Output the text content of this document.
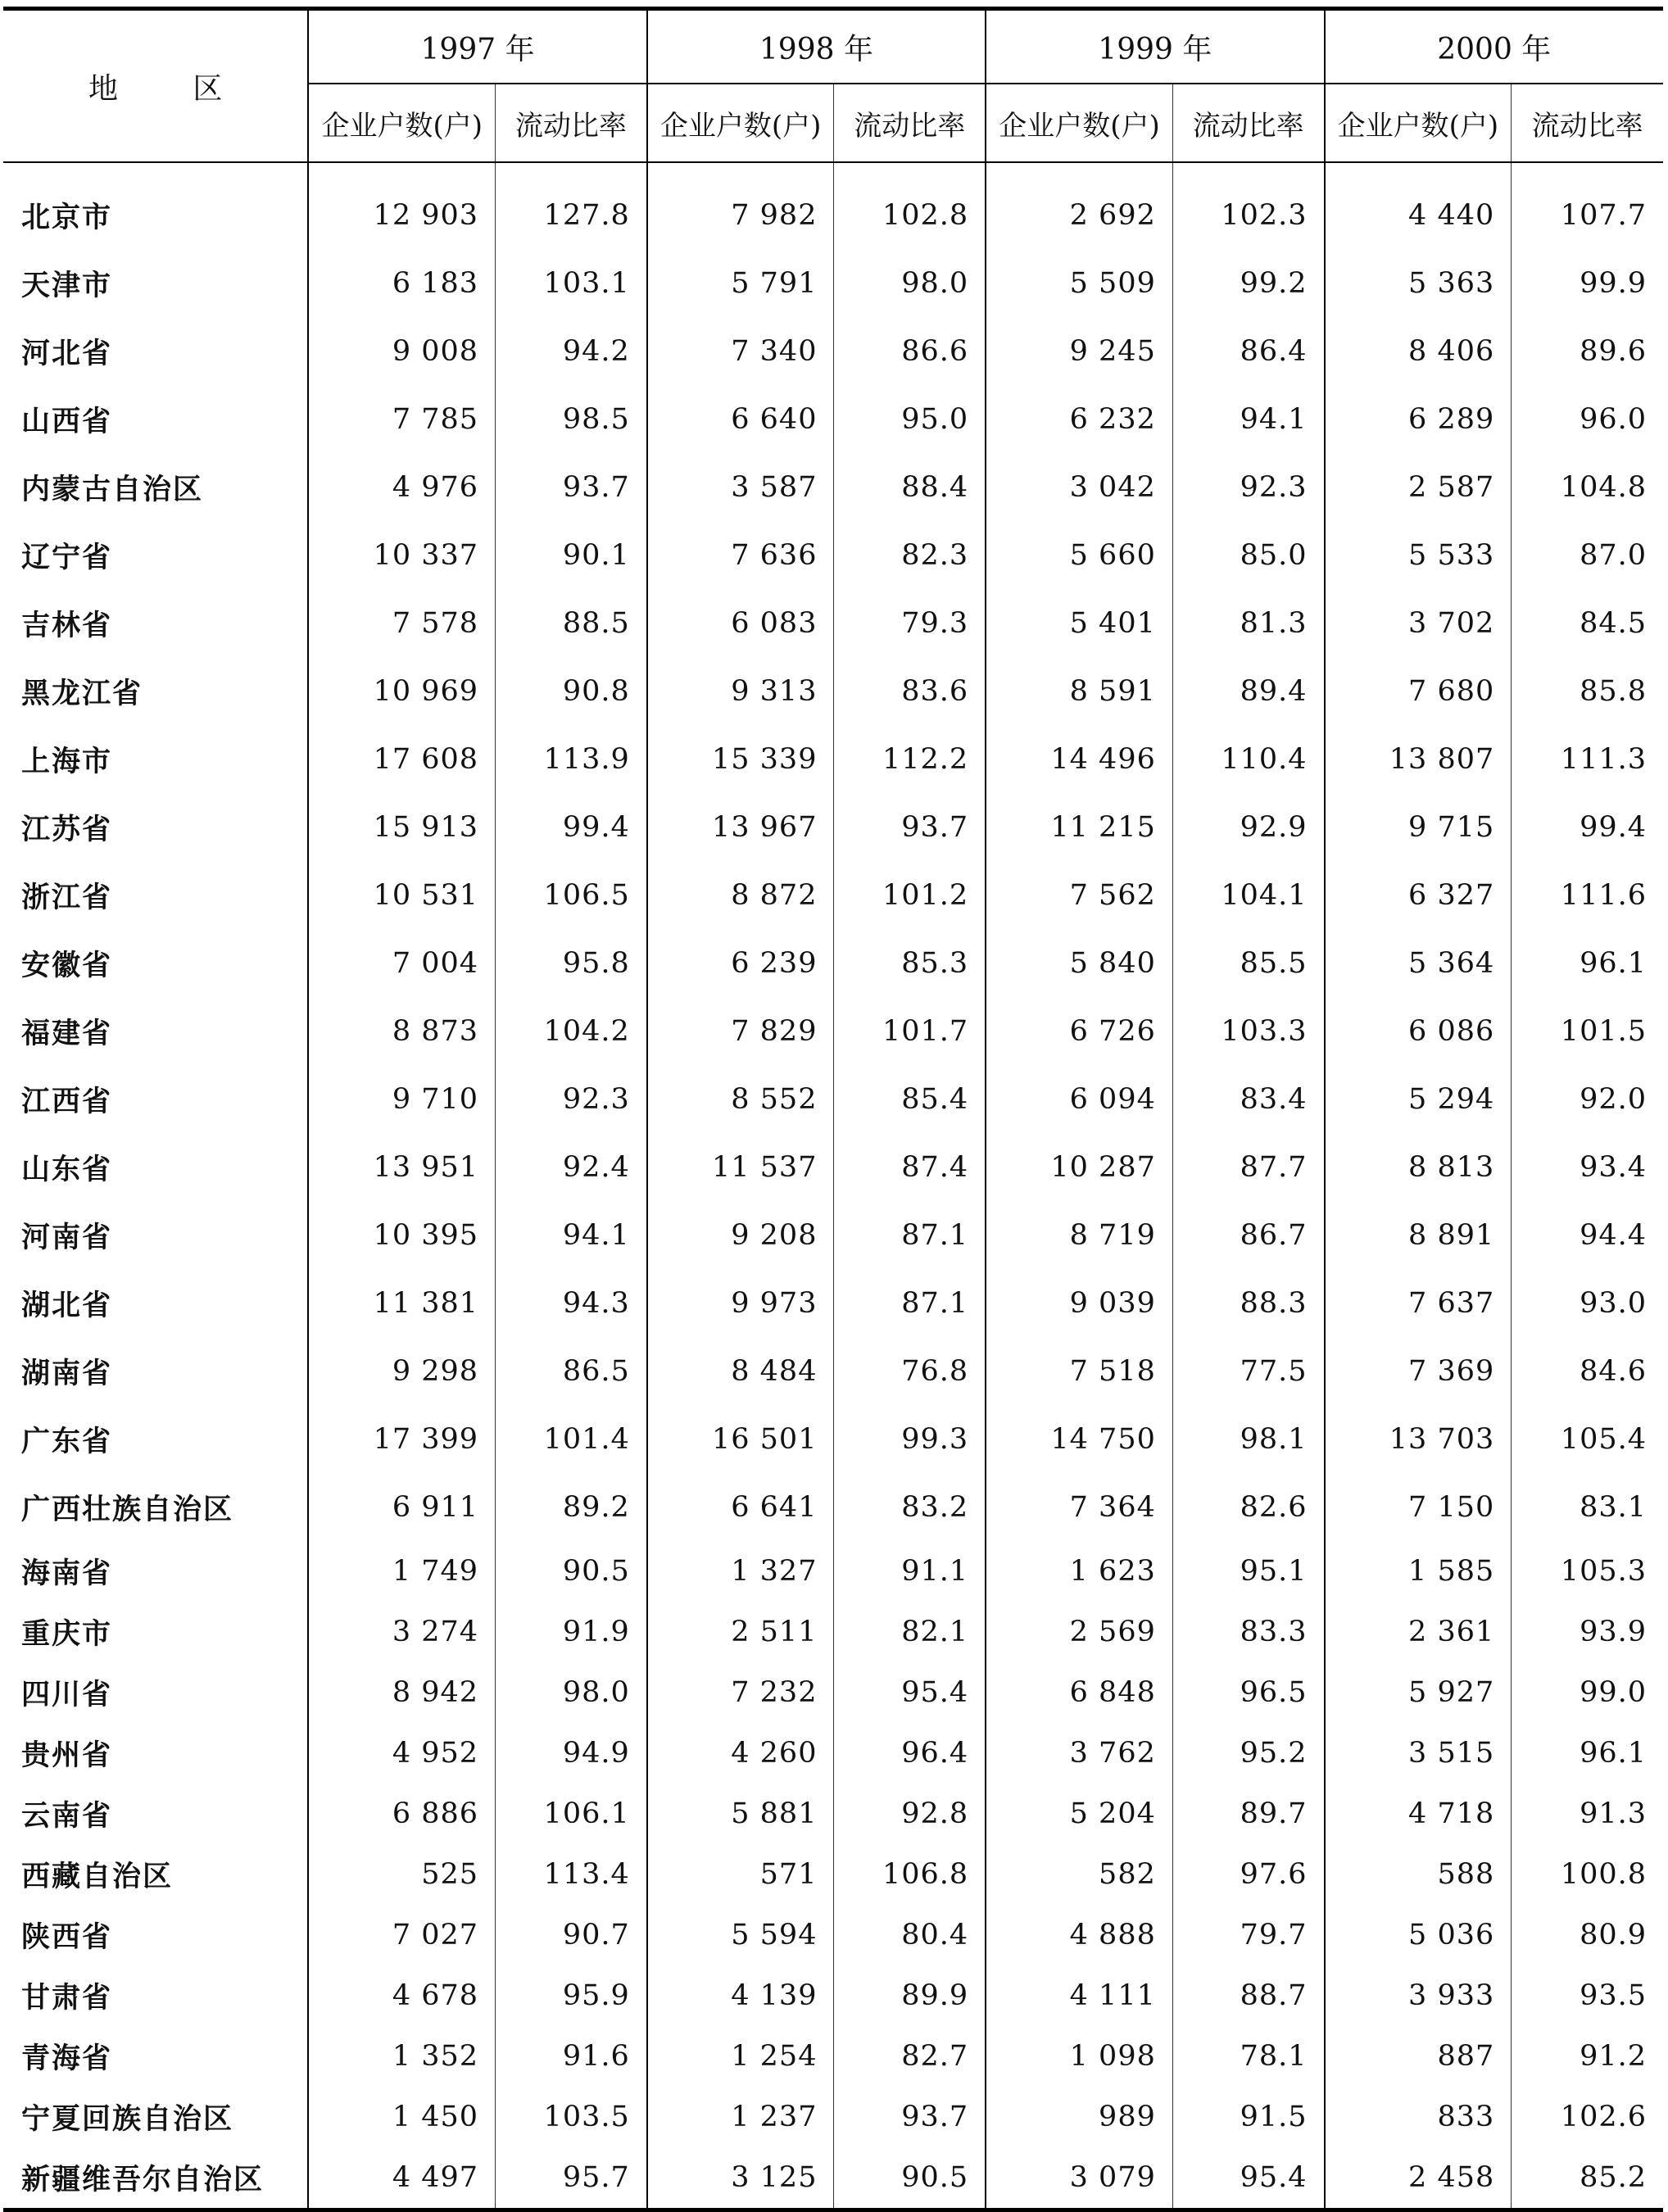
地 区	1997 年		1998 年		1999 年		2000 年	
	企业户数(户)	流动比率	企业户数(户)	流动比率	企业户数(户)	流动比率	企业户数(户)	流动比率
北京市	12 903	127.8	7 982	102.8	2 692	102.3	4 440	107.7
天津市	6 183	103.1	5 791	98.0	5 509	99.2	5 363	99.9
河北省	9 008	94.2	7 340	86.6	9 245	86.4	8 406	89.6
山西省	7 785	98.5	6 640	95.0	6 232	94.1	6 289	96.0
内蒙古自治区	4 976	93.7	3 587	88.4	3 042	92.3	2 587	104.8
辽宁省	10 337	90.1	7 636	82.3	5 660	85.0	5 533	87.0
吉林省	7 578	88.5	6 083	79.3	5 401	81.3	3 702	84.5
黑龙江省	10 969	90.8	9 313	83.6	8 591	89.4	7 680	85.8
上海市	17 608	113.9	15 339	112.2	14 496	110.4	13 807	111.3
江苏省	15 913	99.4	13 967	93.7	11 215	92.9	9 715	99.4
浙江省	10 531	106.5	8 872	101.2	7 562	104.1	6 327	111.6
安徽省	7 004	95.8	6 239	85.3	5 840	85.5	5 364	96.1
福建省	8 873	104.2	7 829	101.7	6 726	103.3	6 086	101.5
江西省	9 710	92.3	8 552	85.4	6 094	83.4	5 294	92.0
山东省	13 951	92.4	11 537	87.4	10 287	87.7	8 813	93.4
河南省	10 395	94.1	9 208	87.1	8 719	86.7	8 891	94.4
湖北省	11 381	94.3	9 973	87.1	9 039	88.3	7 637	93.0
湖南省	9 298	86.5	8 484	76.8	7 518	77.5	7 369	84.6
广东省	17 399	101.4	16 501	99.3	14 750	98.1	13 703	105.4
广西壮族自治区	6 911	89.2	6 641	83.2	7 364	82.6	7 150	83.1
海南省	1 749	90.5	1 327	91.1	1 623	95.1	1 585	105.3
重庆市	3 274	91.9	2 511	82.1	2 569	83.3	2 361	93.9
四川省	8 942	98.0	7 232	95.4	6 848	96.5	5 927	99.0
贵州省	4 952	94.9	4 260	96.4	3 762	95.2	3 515	96.1
云南省	6 886	106.1	5 881	92.8	5 204	89.7	4 718	91.3
西藏自治区	525	113.4	571	106.8	582	97.6	588	100.8
陕西省	7 027	90.7	5 594	80.4	4 888	79.7	5 036	80.9
甘肃省	4 678	95.9	4 139	89.9	4 111	88.7	3 933	93.5
青海省	1 352	91.6	1 254	82.7	1 098	78.1	887	91.2
宁夏回族自治区	1 450	103.5	1 237	93.7	989	91.5	833	102.6
新疆维吾尔自治区	4 497	95.7	3 125	90.5	3 079	95.4	2 458	85.2
